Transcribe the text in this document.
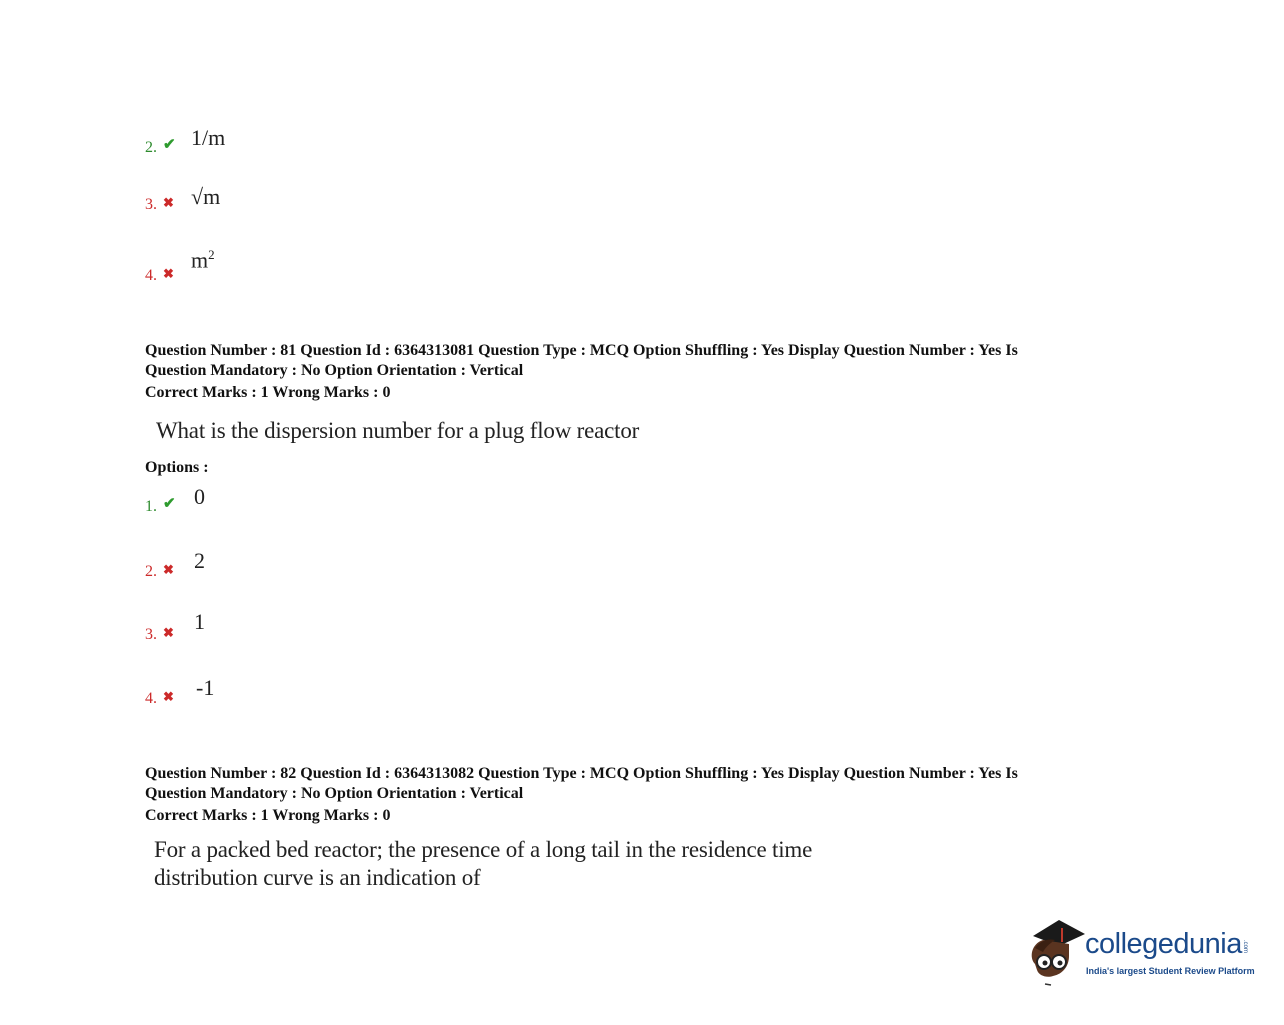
2. ✔ 1/m
3. ✖ √m
4. ✖
$m^2$
Question Number : 81 Question Id : 6364313081 Question Type : MCQ Option Shuffling : Yes Display Question Number : Yes Is
Question Mandatory : No Option Orientation : Vertical
Correct Marks : 1 Wrong Marks : 0
What is the dispersion number for a plug flow reactor
Options :
1. ✔ 0
2. ✖ 2
3. ✖ 1
4. ✖ -1
Question Number : 82 Question Id : 6364313082 Question Type : MCQ Option Shuffling : Yes Display Question Number : Yes Is
Question Mandatory : No Option Orientation : Vertical
Correct Marks : 1 Wrong Marks : 0
For a packed bed reactor; the presence of a long tail in the residence time
distribution curve is an indication of
collegedunia .com
India's largest Student Review Platform
